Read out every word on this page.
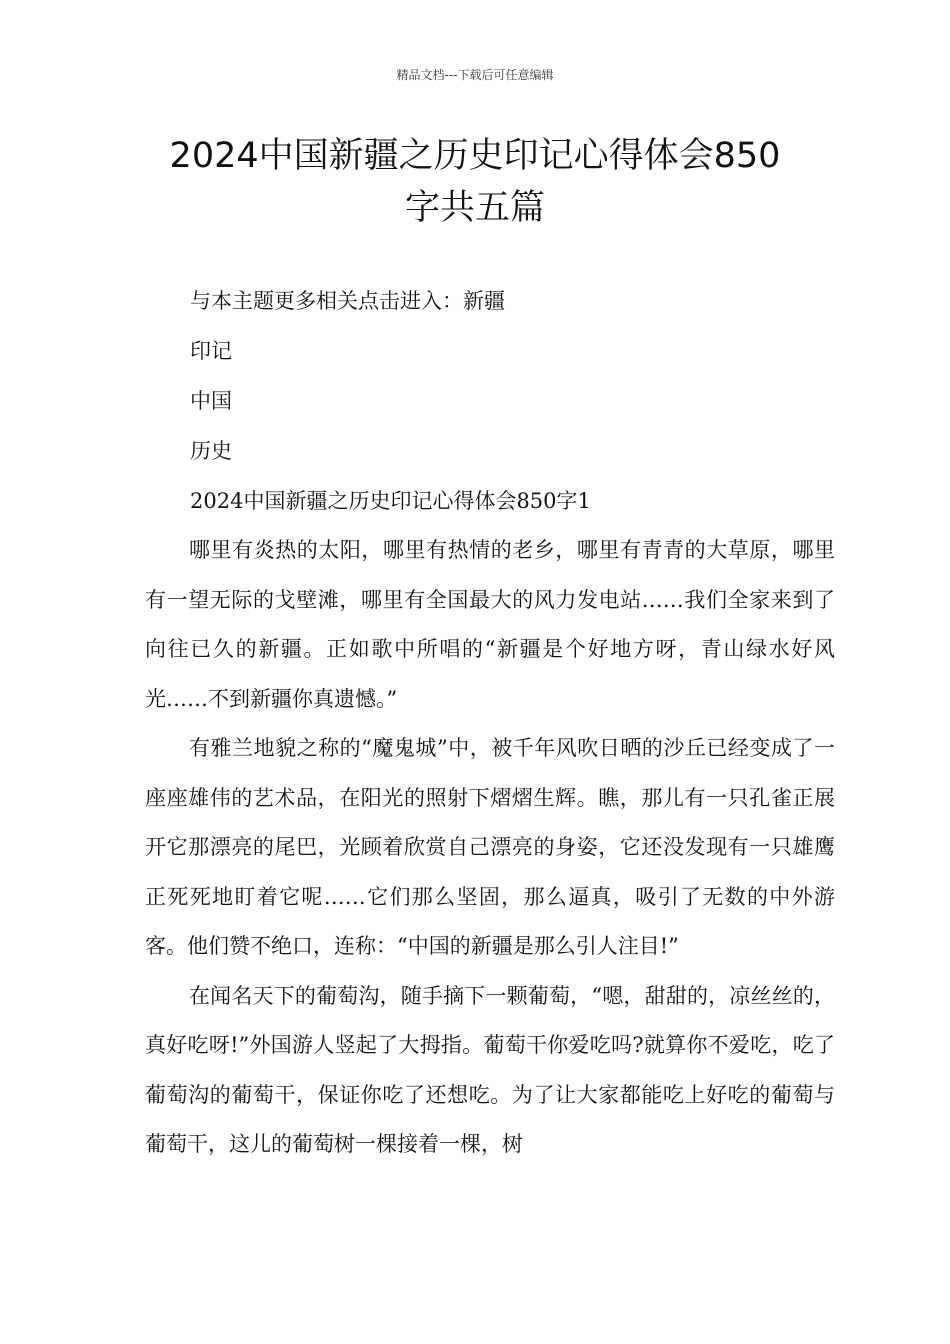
精品文档---下载后可任意编辑
2024中国新疆之历史印记心得体会850
字共五篇

与本主题更多相关点击进入：新疆

印记

中国

历史

2024中国新疆之历史印记心得体会850字1

哪里有炎热的太阳，哪里有热情的老乡，哪里有青青的大草原，哪里有一望无际的戈壁滩，哪里有全国最大的风力发电站……我们全家来到了向往已久的新疆。正如歌中所唱的“新疆是个好地方呀，青山绿水好风光……不到新疆你真遗憾。”

有雅兰地貌之称的“魔鬼城”中，被千年风吹日晒的沙丘已经变成了一座座雄伟的艺术品，在阳光的照射下熠熠生辉。瞧，那儿有一只孔雀正展开它那漂亮的尾巴，光顾着欣赏自己漂亮的身姿，它还没发现有一只雄鹰正死死地盯着它呢……它们那么坚固，那么逼真，吸引了无数的中外游客。他们赞不绝口，连称：“中国的新疆是那么引人注目!”

在闻名天下的葡萄沟，随手摘下一颗葡萄，“嗯，甜甜的，凉丝丝的，真好吃呀!”外国游人竖起了大拇指。葡萄干你爱吃吗?就算你不爱吃，吃了葡萄沟的葡萄干，保证你吃了还想吃。为了让大家都能吃上好吃的葡萄与葡萄干，这儿的葡萄树一棵接着一棵，树
